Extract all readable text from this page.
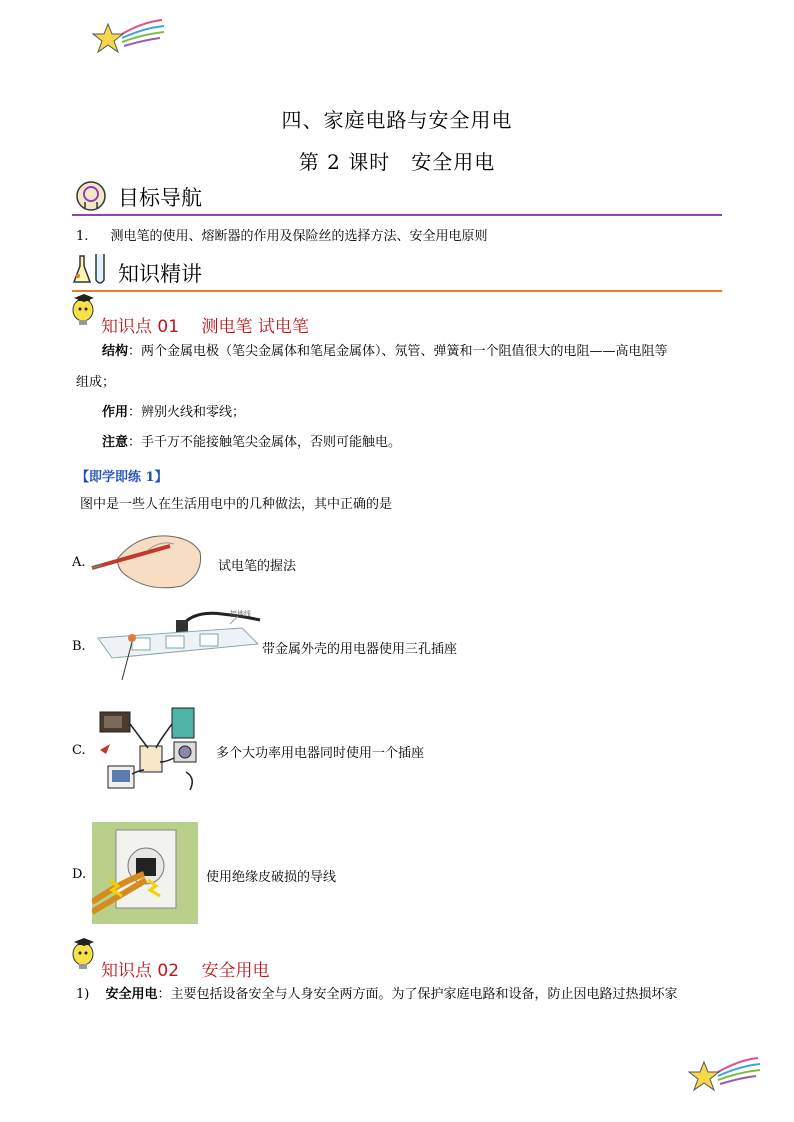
四、家庭电路与安全用电
第 2 课时　安全用电
目标导航
1. 测电笔的使用、熔断器的作用及保险丝的选择方法、安全用电原则
知识精讲
知识点 01　 测电笔 试电笔
结构：两个金属电极（笔尖金属体和笔尾金属体）、氖管、弹簧和一个阻值很大的电阻——高电阻等
组成；
作用：辨别火线和零线；
注意：手千万不能接触笔尖金属体，否则可能触电。
【即学即练 1】
图中是一些人在生活用电中的几种做法，其中正确的是
A.	试电笔的握法
B.
接地线
带金属外壳的用电器使用三孔插座
C.	多个大功率用电器同时使用一个插座
D.	使用绝缘皮破损的导线
知识点 02　 安全用电
1) 安全用电：主要包括设备安全与人身安全两方面。为了保护家庭电路和设备，防止因电路过热损坏家
